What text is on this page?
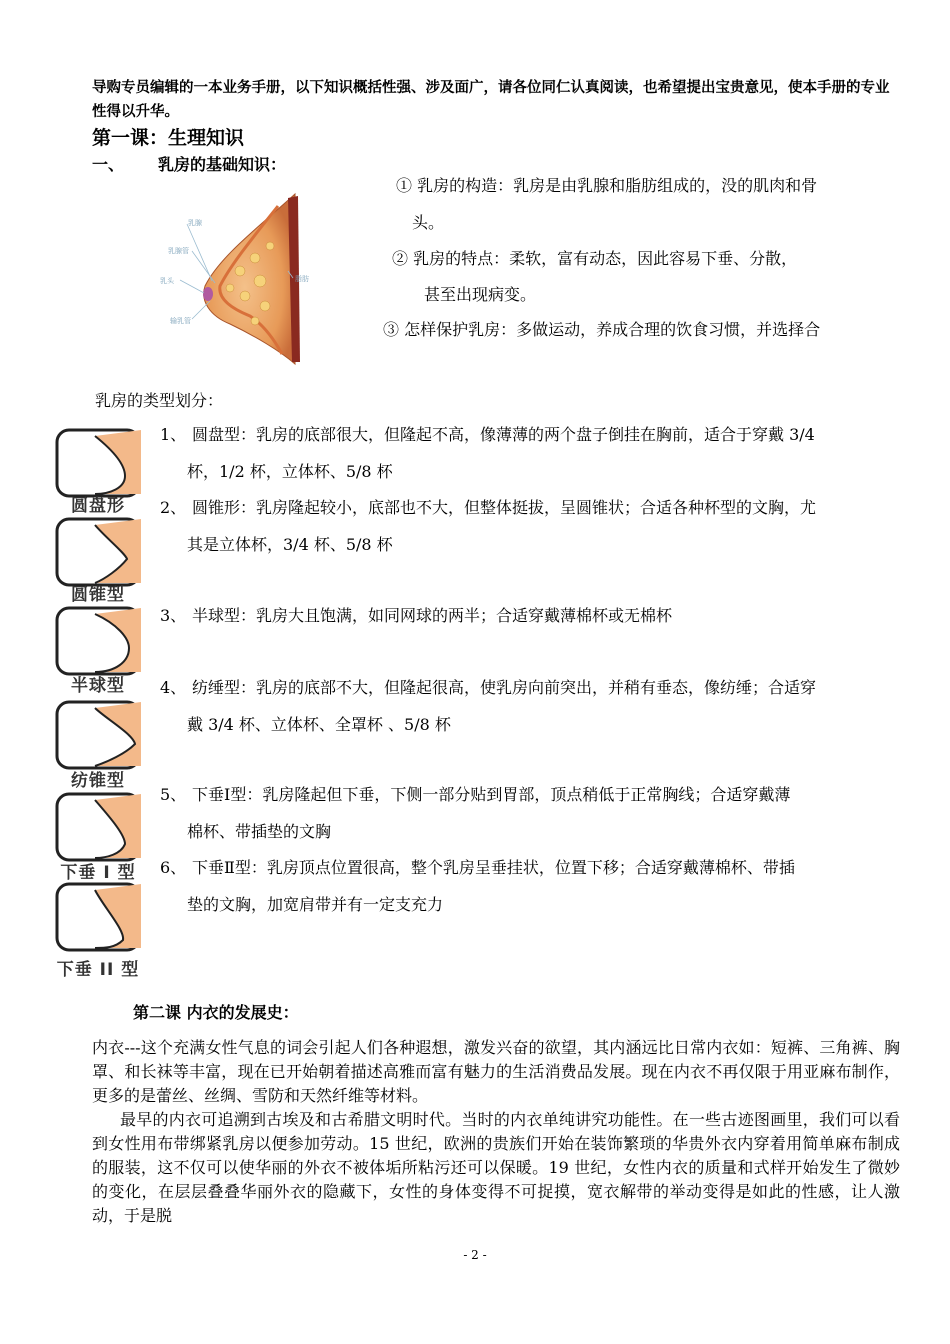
导购专员编辑的一本业务手册，以下知识概括性强、涉及面广，请各位同仁认真阅读，也希望提出宝贵意见，使本手册的专业性得以升华。
第一课：生理知识
一、 乳房的基础知识：
乳腺
乳腺管
乳头
输乳管
脂肪
① 乳房的构造：乳房是由乳腺和脂肪组成的，没的肌肉和骨
头。
② 乳房的特点：柔软，富有动态，因此容易下垂、分散，
甚至出现病变。
③ 怎样保护乳房：多做运动，养成合理的饮食习惯，并选择合
乳房的类型划分：
圆盘形
圆锥型
半球型
纺锥型
下垂 I 型
下垂 II 型
1、 圆盘型：乳房的底部很大，但隆起不高，像薄薄的两个盘子倒挂在胸前，适合于穿戴 3/4
杯，1/2 杯，立体杯、5/8 杯
2、 圆锥形：乳房隆起较小，底部也不大，但整体挺拔，呈圆锥状；合适各种杯型的文胸，尤
其是立体杯，3/4 杯、5/8 杯
3、 半球型：乳房大且饱满，如同网球的两半；合适穿戴薄棉杯或无棉杯
4、 纺缍型：乳房的底部不大，但隆起很高，使乳房向前突出，并稍有垂态，像纺缍；合适穿
戴 3/4 杯、立体杯、全罩杯 、5/8 杯
5、 下垂Ⅰ型：乳房隆起但下垂，下侧一部分贴到胃部，顶点稍低于正常胸线；合适穿戴薄
棉杯、带插垫的文胸
6、 下垂Ⅱ型：乳房顶点位置很高，整个乳房呈垂挂状，位置下移；合适穿戴薄棉杯、带插
垫的文胸，加宽肩带并有一定支充力
第二课 内衣的发展史：
内衣---这个充满女性气息的词会引起人们各种遐想，激发兴奋的欲望，其内涵远比日常内衣如：短裤、三角裤、胸罩、和长袜等丰富，现在已开始朝着描述高雅而富有魅力的生活消费品发展。现在内衣不再仅限于用亚麻布制作，更多的是蕾丝、丝绸、雪防和天然纤维等材料。
最早的内衣可追溯到古埃及和古希腊文明时代。当时的内衣单纯讲究功能性。在一些古迹图画里，我们可以看到女性用布带绑紧乳房以便参加劳动。15 世纪，欧洲的贵族们开始在装饰繁琐的华贵外衣内穿着用简单麻布制成的服装，这不仅可以使华丽的外衣不被体垢所粘污还可以保暖。19 世纪，女性内衣的质量和式样开始发生了微妙的变化，在层层叠叠华丽外衣的隐藏下，女性的身体变得不可捉摸，宽衣解带的举动变得是如此的性感，让人激动，于是脱
- 2 -
